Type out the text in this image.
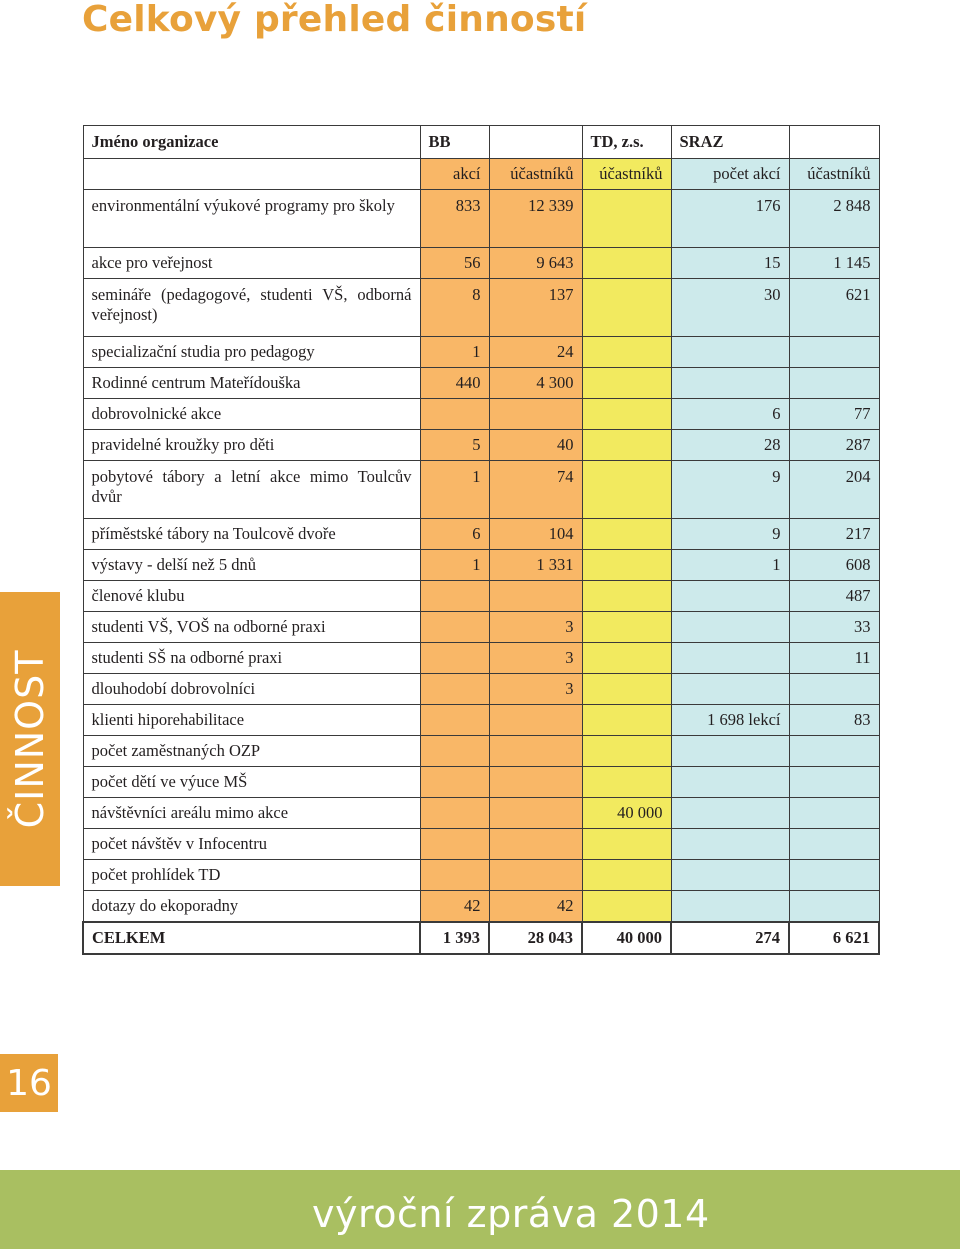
Celkový přehled činností
Jméno organizace	BB		TD, z.s.	SRAZ	
	akcí	účastníků	účastníků	počet akcí	účastníků
environmentální výukové programy pro školy	833	12 339		176	2 848
akce pro veřejnost	56	9 643		15	1 145
semináře (pedagogové, studenti VŠ, odborná veřejnost)	8	137		30	621
specializační studia pro pedagogy	1	24			
Rodinné centrum Mateřídouška	440	4 300			
dobrovolnické akce				6	77
pravidelné kroužky pro děti	5	40		28	287
pobytové tábory a letní akce mimo Toulcův dvůr	1	74		9	204
příměstské tábory na Toulcově dvoře	6	104		9	217
výstavy - delší než 5 dnů	1	1 331		1	608
členové klubu					487
studenti VŠ, VOŠ na odborné praxi		3			33
studenti SŠ na odborné praxi		3			11
dlouhodobí dobrovolníci		3			
klienti hiporehabilitace				1 698 lekcí	83
počet zaměstnaných OZP					
počet dětí ve výuce MŠ					
návštěvníci areálu mimo akce			40 000		
počet návštěv v Infocentru					
počet prohlídek TD					
dotazy do ekoporadny	42	42			
CELKEM	1 393	28 043	40 000	274	6 621
ČINNOST
16
výroční zpráva 2014
